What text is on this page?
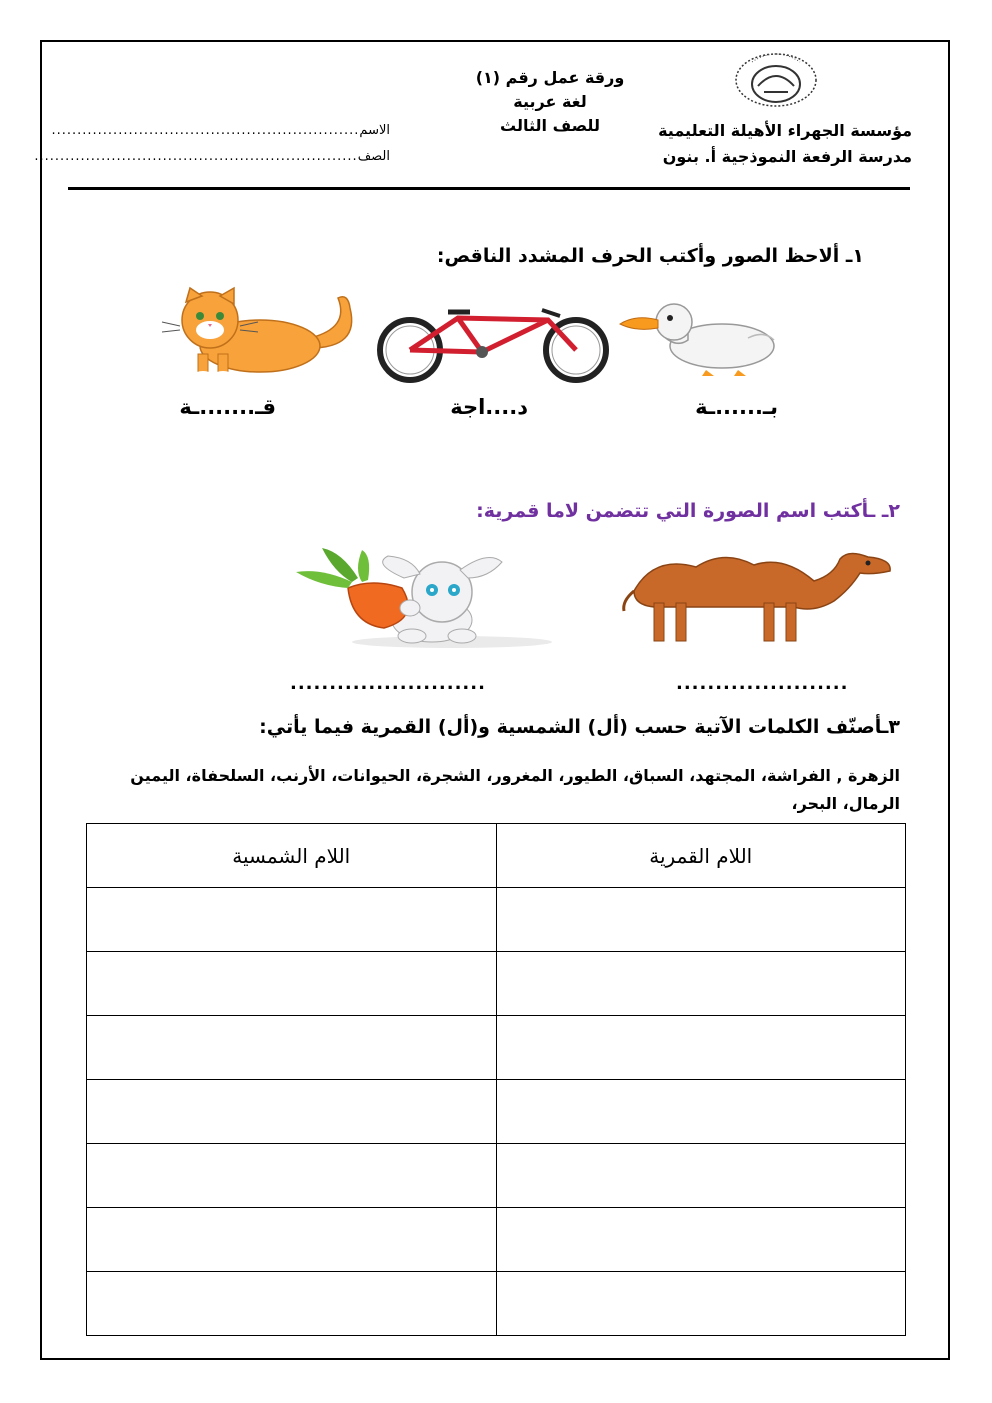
مؤسسة الجهراء الأهيلة التعليمية
مدرسة الرفعة النموذجية أ. بنون
ورقة عمل رقم (١)
لغة عربية
للصف الثالث
الاسم
............................................................
الصف
...............................................................
١ـ ألاحظ الصور وأكتب الحرف المشدد الناقص:
بـ......ـة
د....اجة
قـ.......ـة
٢ـ ـأكتب اسم الصورة التي تتضمن لاما قمرية:
......................
.........................
٣ـأصنّف الكلمات الآتية حسب (أل) الشمسية و(أل) القمرية فيما يأتي:
الزهرة , الفراشة، المجتهد، السباق، الطيور، المغرور، الشجرة، الحيوانات، الأرنب، السلحفاة، اليمين الرمال، البحر،
اللام الشمسية	اللام القمرية
